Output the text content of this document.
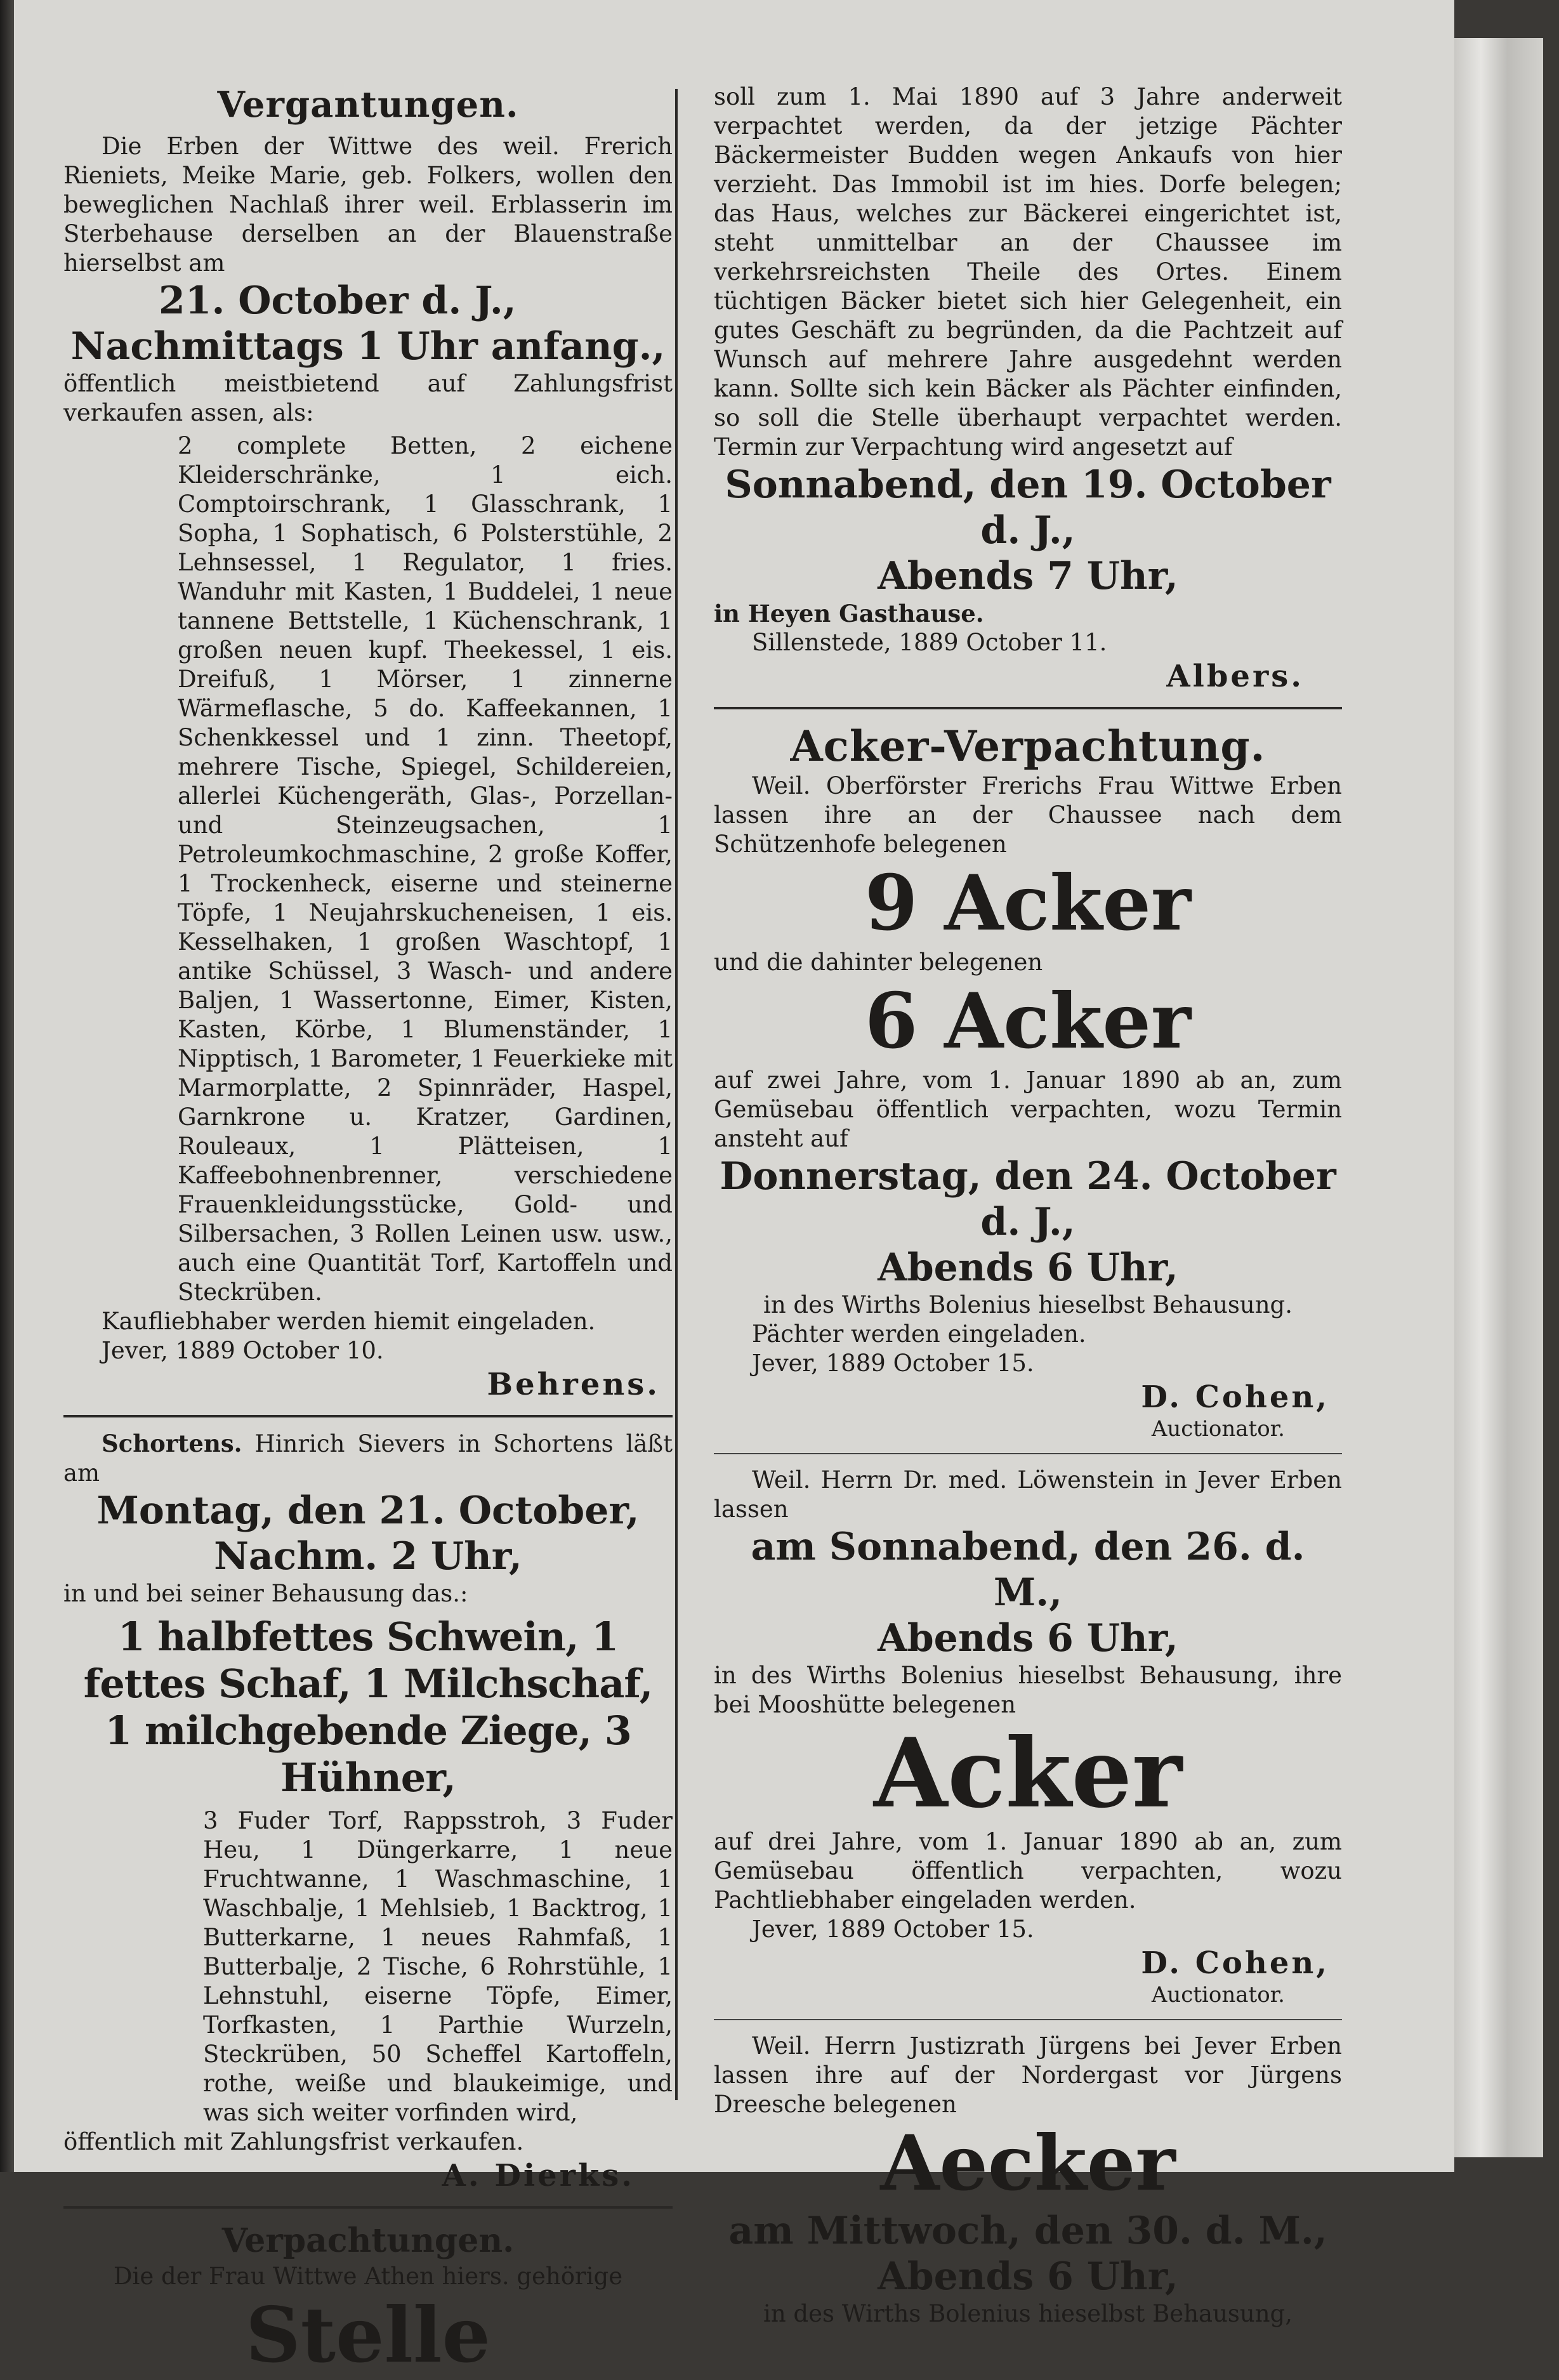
Vergantungen.

Die Erben der Wittwe des weil. Frerich Rieniets, Meike Marie, geb. Folkers, wollen den beweglichen Nachlaß ihrer weil. Erblasserin im Sterbehause derselben an der Blauenstraße hierselbst am

21. October d. J.,

Nachmittags 1 Uhr anfang.,

öffentlich meistbietend auf Zahlungsfrist verkaufen assen, als:

2 complete Betten, 2 eichene Kleiderschränke, 1 eich. Comptoirschrank, 1 Glasschrank, 1 Sopha, 1 Sophatisch, 6 Polsterstühle, 2 Lehnsessel, 1 Regulator, 1 fries. Wanduhr mit Kasten, 1 Buddelei, 1 neue tannene Bettstelle, 1 Küchenschrank, 1 großen neuen kupf. Theekessel, 1 eis. Dreifuß, 1 Mörser, 1 zinnerne Wärmeflasche, 5 do. Kaffeekannen, 1 Schenkkessel und 1 zinn. Theetopf, mehrere Tische, Spiegel, Schildereien, allerlei Küchengeräth, Glas-, Porzellan- und Steinzeugsachen, 1 Petroleumkochmaschine, 2 große Koffer, 1 Trockenheck, eiserne und steinerne Töpfe, 1 Neujahrskucheneisen, 1 eis. Kesselhaken, 1 großen Waschtopf, 1 antike Schüssel, 3 Wasch- und andere Baljen, 1 Wassertonne, Eimer, Kisten, Kasten, Körbe, 1 Blumenständer, 1 Nipptisch, 1 Barometer, 1 Feuerkieke mit Marmorplatte, 2 Spinnräder, Haspel, Garnkrone u. Kratzer, Gardinen, Rouleaux, 1 Plätteisen, 1 Kaffeebohnenbrenner, verschiedene Frauenkleidungsstücke, Gold- und Silbersachen, 3 Rollen Leinen usw. usw., auch eine Quantität Torf, Kartoffeln und Steckrüben.

Kaufliebhaber werden hiemit eingeladen.

Jever, 1889 October 10.

Behrens.

Schortens. Hinrich Sievers in Schortens läßt am

Montag, den 21. October,

Nachm. 2 Uhr,

in und bei seiner Behausung das.:

1 halbfettes Schwein, 1 fettes Schaf, 1 Milchschaf, 1 milchgebende Ziege, 3 Hühner,

3 Fuder Torf, Rappsstroh, 3 Fuder Heu, 1 Düngerkarre, 1 neue Fruchtwanne, 1 Waschmaschine, 1 Waschbalje, 1 Mehlsieb, 1 Backtrog, 1 Butterkarne, 1 neues Rahmfaß, 1 Butterbalje, 2 Tische, 6 Rohrstühle, 1 Lehnstuhl, eiserne Töpfe, Eimer, Torfkasten, 1 Parthie Wurzeln, Steckrüben, 50 Scheffel Kartoffeln, rothe, weiße und blaukeimige, und was sich weiter vorfinden wird,

öffentlich mit Zahlungsfrist verkaufen.

A. Dierks.

Verpachtungen.

Die der Frau Wittwe Athen hiers. gehörige

Stelle

soll zum 1. Mai 1890 auf 3 Jahre anderweit verpachtet werden, da der jetzige Pächter Bäckermeister Budden wegen Ankaufs von hier verzieht. Das Immobil ist im hies. Dorfe belegen; das Haus, welches zur Bäckerei eingerichtet ist, steht unmittelbar an der Chaussee im verkehrsreichsten Theile des Ortes. Einem tüchtigen Bäcker bietet sich hier Gelegenheit, ein gutes Geschäft zu begründen, da die Pachtzeit auf Wunsch auf mehrere Jahre ausgedehnt werden kann. Sollte sich kein Bäcker als Pächter einfinden, so soll die Stelle überhaupt verpachtet werden. Termin zur Verpachtung wird angesetzt auf

Sonnabend, den 19. October d. J.,

Abends 7 Uhr,

in Heyen Gasthause.

Sillenstede, 1889 October 11.

Albers.

Acker-Verpachtung.

Weil. Oberförster Frerichs Frau Wittwe Erben lassen ihre an der Chaussee nach dem Schützenhofe belegenen

9 Acker

und die dahinter belegenen

6 Acker

auf zwei Jahre, vom 1. Januar 1890 ab an, zum Gemüsebau öffentlich verpachten, wozu Termin ansteht auf

Donnerstag, den 24. October d. J.,

Abends 6 Uhr,

in des Wirths Bolenius hieselbst Behausung.

Pächter werden eingeladen.

Jever, 1889 October 15.

D. Cohen,

Auctionator.

Weil. Herrn Dr. med. Löwenstein in Jever Erben lassen

am Sonnabend, den 26. d. M.,

Abends 6 Uhr,

in des Wirths Bolenius hieselbst Behausung, ihre bei Mooshütte belegenen

Acker

auf drei Jahre, vom 1. Januar 1890 ab an, zum Gemüsebau öffentlich verpachten, wozu Pachtliebhaber eingeladen werden.

Jever, 1889 October 15.

D. Cohen,

Auctionator.

Weil. Herrn Justizrath Jürgens bei Jever Erben lassen ihre auf der Nordergast vor Jürgens Dreesche belegenen

Aecker

am Mittwoch, den 30. d. M.,

Abends 6 Uhr,

in des Wirths Bolenius hieselbst Behausung,
